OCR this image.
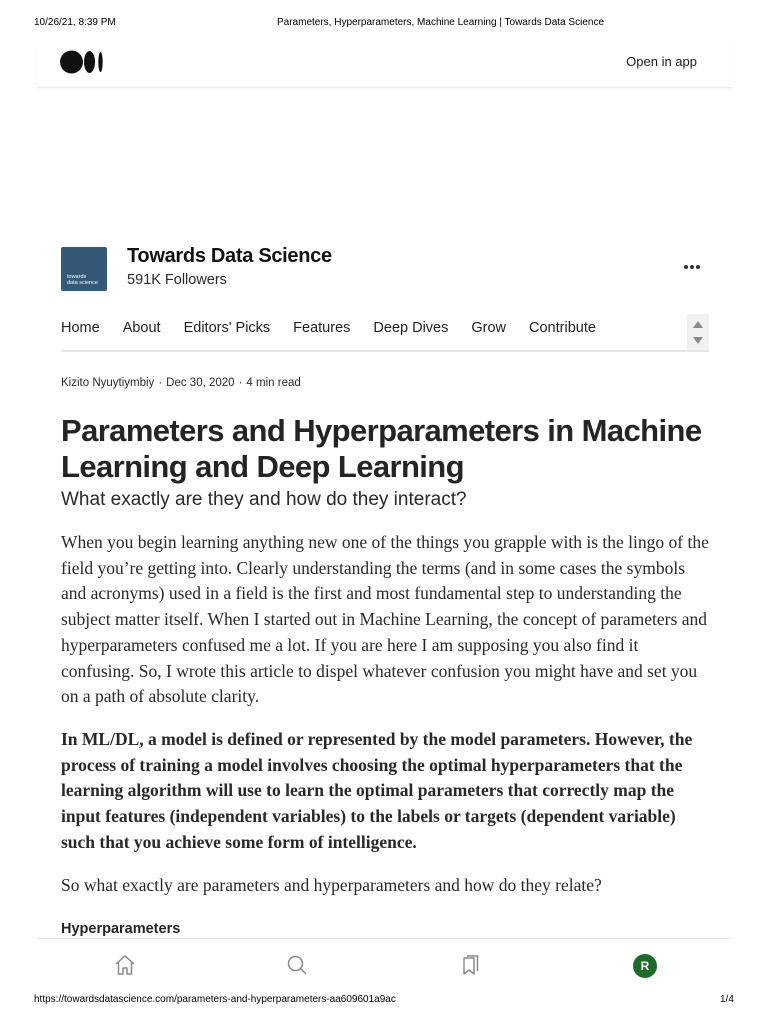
10/26/21, 8:39 PM	Parameters, Hyperparameters, Machine Learning | Towards Data Science
Open in app
towards
data science
Towards Data Science
591K Followers
Home About Editors' Picks Features Deep Dives Grow Contribute
Kizito Nyuytiymbiy · Dec 30, 2020 · 4 min read
Parameters and Hyperparameters in Machine Learning and Deep Learning
What exactly are they and how do they interact?

When you begin learning anything new one of the things you grapple with is the lingo of the field you’re getting into. Clearly understanding the terms (and in some cases the symbols and acronyms) used in a field is the first and most fundamental step to understanding the subject matter itself. When I started out in Machine Learning, the concept of parameters and hyperparameters confused me a lot. If you are here I am supposing you also find it confusing. So, I wrote this article to dispel whatever confusion you might have and set you on a path of absolute clarity.

In ML/DL, a model is defined or represented by the model parameters. However, the process of training a model involves choosing the optimal hyperparameters that the learning algorithm will use to learn the optimal parameters that correctly map the input features (independent variables) to the labels or targets (dependent variable) such that you achieve some form of intelligence.

So what exactly are parameters and hyperparameters and how do they relate?

Hyperparameters
R
https://towardsdatascience.com/parameters-and-hyperparameters-aa609601a9ac	1/4
